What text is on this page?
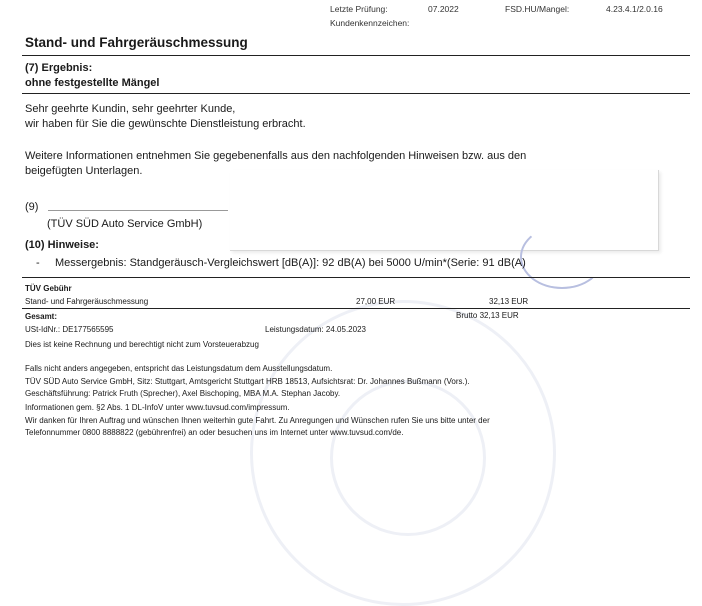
Letzte Prüfung:	07.2022	FSD.HU/Mangel:	4.23.4.1/2.0.16
Kundenkennzeichen:
Stand- und Fahrgeräuschmessung
(7) Ergebnis:
ohne festgestellte Mängel
Sehr geehrte Kundin, sehr geehrter Kunde,
wir haben für Sie die gewünschte Dienstleistung erbracht.
Weitere Informationen entnehmen Sie gegebenenfalls aus den nachfolgenden Hinweisen bzw. aus den
beigefügten Unterlagen.
(9)
(TÜV SÜD Auto Service GmbH)
(10) Hinweise:
- Messergebnis: Standgeräusch-Vergleichswert [dB(A)]: 92 dB(A) bei 5000 U/min*(Serie: 91 dB(A)
TÜV Gebühr
Stand- und Fahrgeräuschmessung	27,00 EUR	32,13 EUR
Gesamt:	Brutto 32,13 EUR
USt-IdNr.: DE177565595	Leistungsdatum: 24.05.2023
Dies ist keine Rechnung und berechtigt nicht zum Vorsteuerabzug
Falls nicht anders angegeben, entspricht das Leistungsdatum dem Ausstellungsdatum.
TÜV SÜD Auto Service GmbH, Sitz: Stuttgart, Amtsgericht Stuttgart HRB 18513, Aufsichtsrat: Dr. Johannes Bußmann (Vors.).
Geschäftsführung: Patrick Fruth (Sprecher), Axel Bischoping, MBA M.A. Stephan Jacoby.
Informationen gem. §2 Abs. 1 DL-InfoV unter www.tuvsud.com/impressum.
Wir danken für Ihren Auftrag und wünschen Ihnen weiterhin gute Fahrt. Zu Anregungen und Wünschen rufen Sie uns bitte unter der
Telefonnummer 0800 8888822 (gebührenfrei) an oder besuchen uns im Internet unter www.tuvsud.com/de.
